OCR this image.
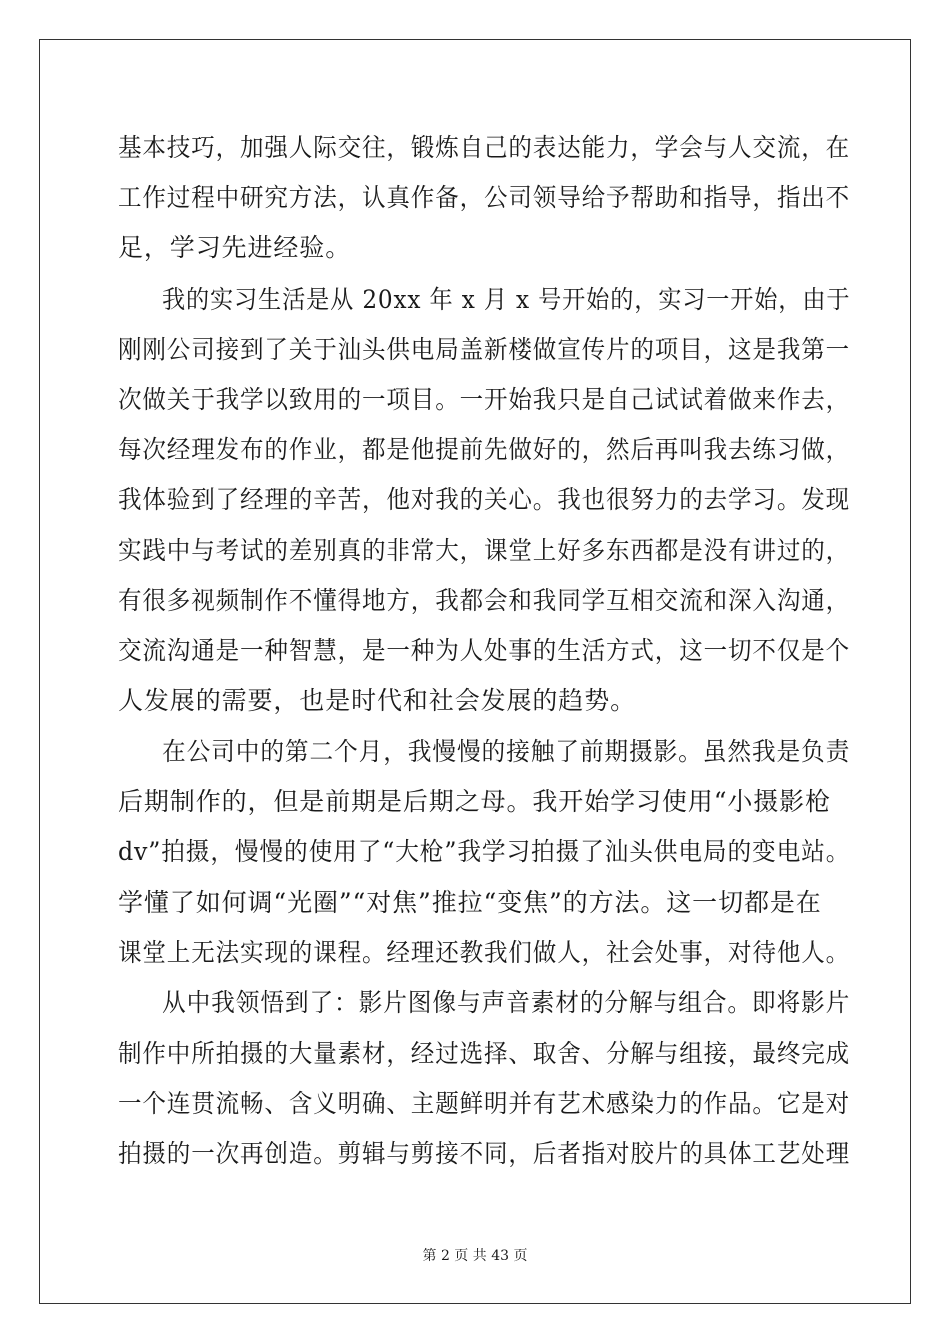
基本技巧，加强人际交往，锻炼自己的表达能力，学会与人交流，在
工作过程中研究方法，认真作备，公司领导给予帮助和指导，指出不
足，学习先进经验。
我的实习生活是从 20xx 年 x 月 x 号开始的，实习一开始，由于
刚刚公司接到了关于汕头供电局盖新楼做宣传片的项目，这是我第一
次做关于我学以致用的一项目。一开始我只是自己试试着做来作去，
每次经理发布的作业，都是他提前先做好的，然后再叫我去练习做，
我体验到了经理的辛苦，他对我的关心。我也很努力的去学习。发现
实践中与考试的差别真的非常大，课堂上好多东西都是没有讲过的，
有很多视频制作不懂得地方，我都会和我同学互相交流和深入沟通，
交流沟通是一种智慧，是一种为人处事的生活方式，这一切不仅是个
人发展的需要，也是时代和社会发展的趋势。
在公司中的第二个月，我慢慢的接触了前期摄影。虽然我是负责
后期制作的，但是前期是后期之母。我开始学习使用“小摄影枪
dv”拍摄，慢慢的使用了“大枪”我学习拍摄了汕头供电局的变电站。
学懂了如何调“光圈”“对焦”推拉“变焦”的方法。这一切都是在
课堂上无法实现的课程。经理还教我们做人，社会处事，对待他人。
从中我领悟到了：影片图像与声音素材的分解与组合。即将影片
制作中所拍摄的大量素材，经过选择、取舍、分解与组接，最终完成
一个连贯流畅、含义明确、主题鲜明并有艺术感染力的作品。它是对
拍摄的一次再创造。剪辑与剪接不同，后者指对胶片的具体工艺处理
第 2 页 共 43 页
